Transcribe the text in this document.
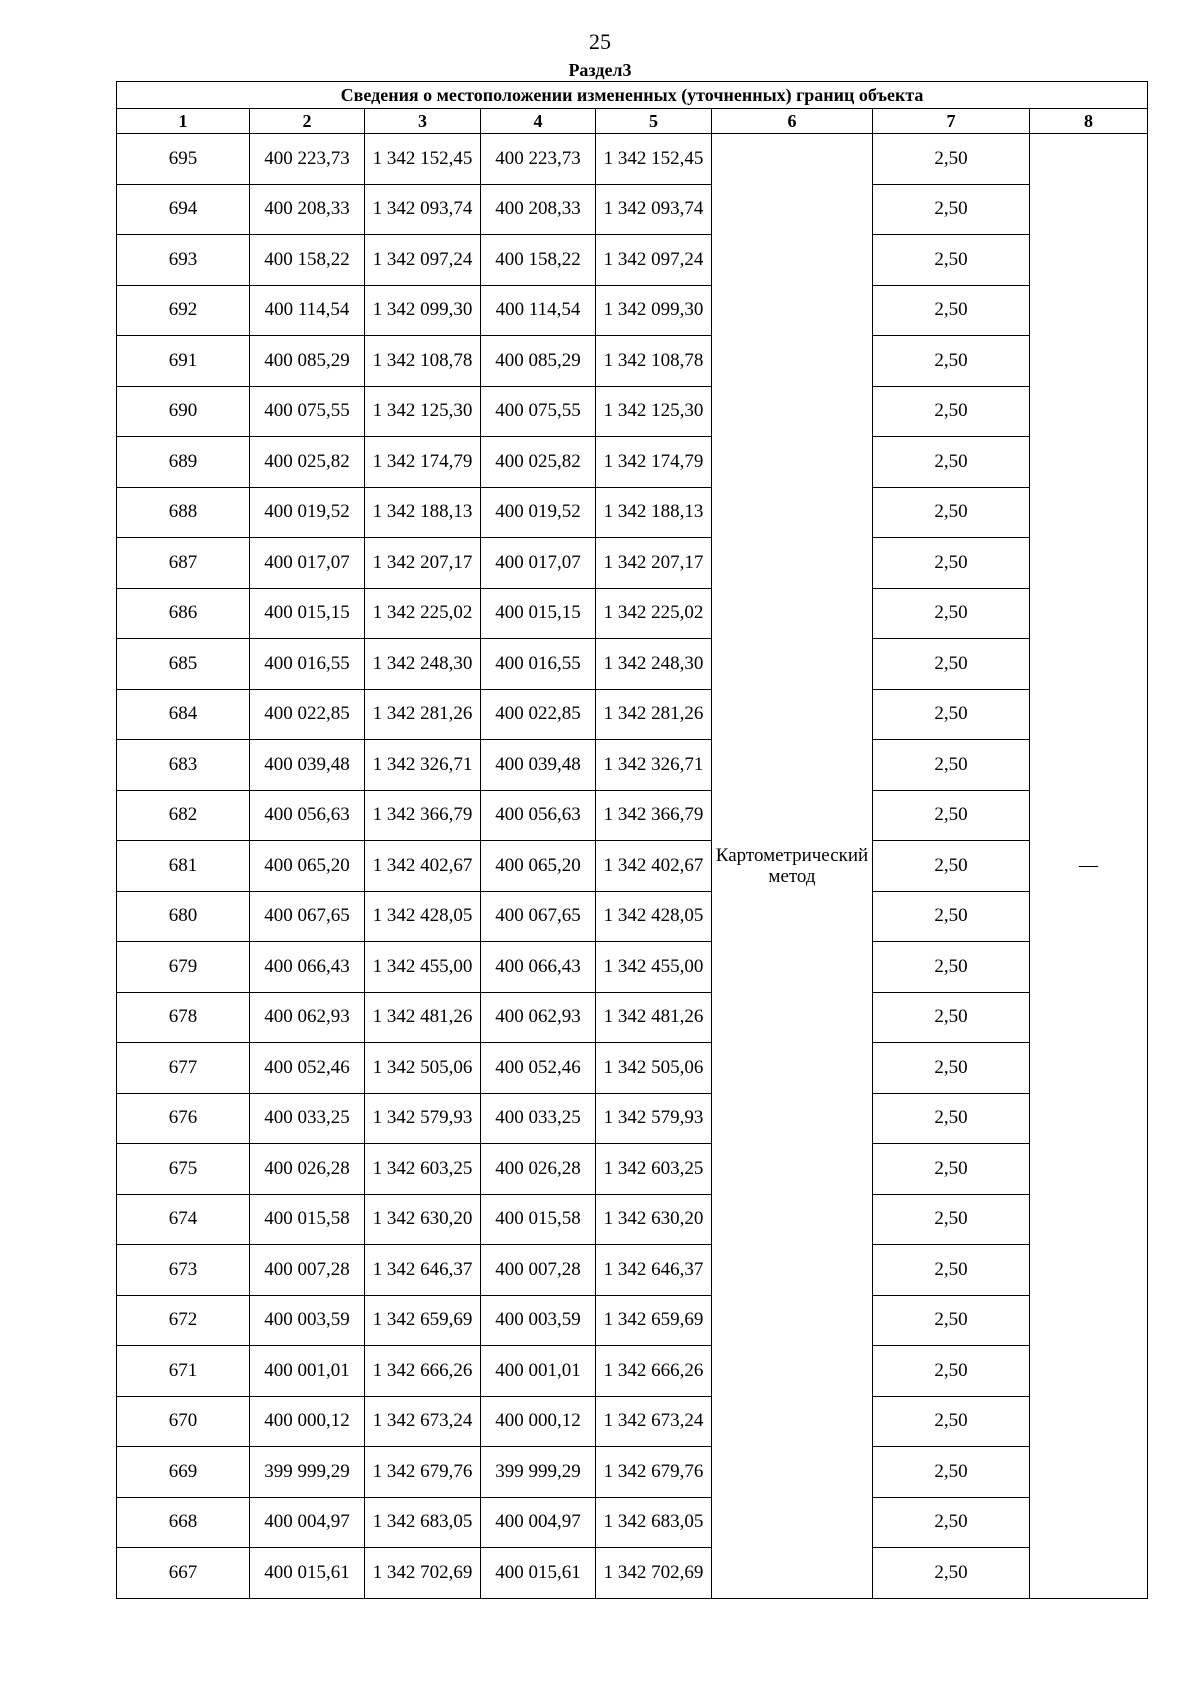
25
Раздел3
Сведения о местоположении измененных (уточненных) границ объекта							
1	2	3	4	5	6	7	8
695	400 223,73	1 342 152,45	400 223,73	1 342 152,45	Картометрический метод	2,50	—
694	400 208,33	1 342 093,74	400 208,33	1 342 093,74		2,50	
693	400 158,22	1 342 097,24	400 158,22	1 342 097,24		2,50	
692	400 114,54	1 342 099,30	400 114,54	1 342 099,30		2,50	
691	400 085,29	1 342 108,78	400 085,29	1 342 108,78		2,50	
690	400 075,55	1 342 125,30	400 075,55	1 342 125,30		2,50	
689	400 025,82	1 342 174,79	400 025,82	1 342 174,79		2,50	
688	400 019,52	1 342 188,13	400 019,52	1 342 188,13		2,50	
687	400 017,07	1 342 207,17	400 017,07	1 342 207,17		2,50	
686	400 015,15	1 342 225,02	400 015,15	1 342 225,02		2,50	
685	400 016,55	1 342 248,30	400 016,55	1 342 248,30		2,50	
684	400 022,85	1 342 281,26	400 022,85	1 342 281,26		2,50	
683	400 039,48	1 342 326,71	400 039,48	1 342 326,71		2,50	
682	400 056,63	1 342 366,79	400 056,63	1 342 366,79		2,50	
681	400 065,20	1 342 402,67	400 065,20	1 342 402,67		2,50	
680	400 067,65	1 342 428,05	400 067,65	1 342 428,05		2,50	
679	400 066,43	1 342 455,00	400 066,43	1 342 455,00		2,50	
678	400 062,93	1 342 481,26	400 062,93	1 342 481,26		2,50	
677	400 052,46	1 342 505,06	400 052,46	1 342 505,06		2,50	
676	400 033,25	1 342 579,93	400 033,25	1 342 579,93		2,50	
675	400 026,28	1 342 603,25	400 026,28	1 342 603,25		2,50	
674	400 015,58	1 342 630,20	400 015,58	1 342 630,20		2,50	
673	400 007,28	1 342 646,37	400 007,28	1 342 646,37		2,50	
672	400 003,59	1 342 659,69	400 003,59	1 342 659,69		2,50	
671	400 001,01	1 342 666,26	400 001,01	1 342 666,26		2,50	
670	400 000,12	1 342 673,24	400 000,12	1 342 673,24		2,50	
669	399 999,29	1 342 679,76	399 999,29	1 342 679,76		2,50	
668	400 004,97	1 342 683,05	400 004,97	1 342 683,05		2,50	
667	400 015,61	1 342 702,69	400 015,61	1 342 702,69		2,50	
